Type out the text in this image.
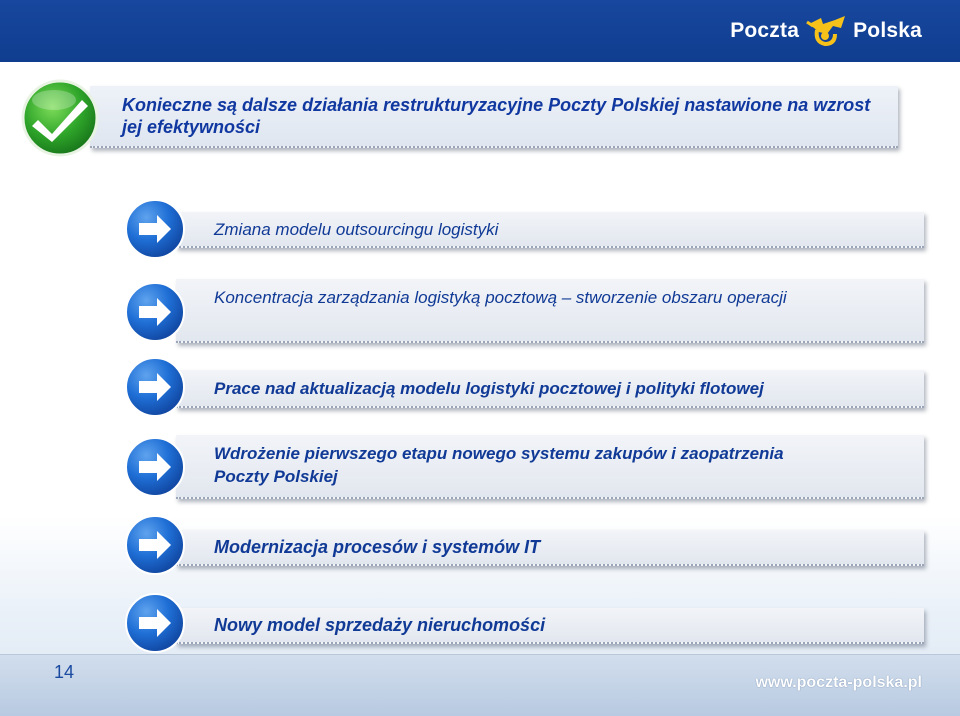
Poczta	Polska
Konieczne są dalsze działania restrukturyzacyjne Poczty Polskiej nastawione na wzrost jej efektywności
Zmiana modelu outsourcingu logistyki
Koncentracja zarządzania logistyką pocztową – stworzenie obszaru operacji
Prace nad aktualizacją modelu logistyki pocztowej i polityki flotowej
Wdrożenie pierwszego etapu nowego systemu zakupów i zaopatrzenia Poczty Polskiej
Modernizacja procesów i systemów IT
Nowy model sprzedaży nieruchomości
14
www.poczta-polska.pl
